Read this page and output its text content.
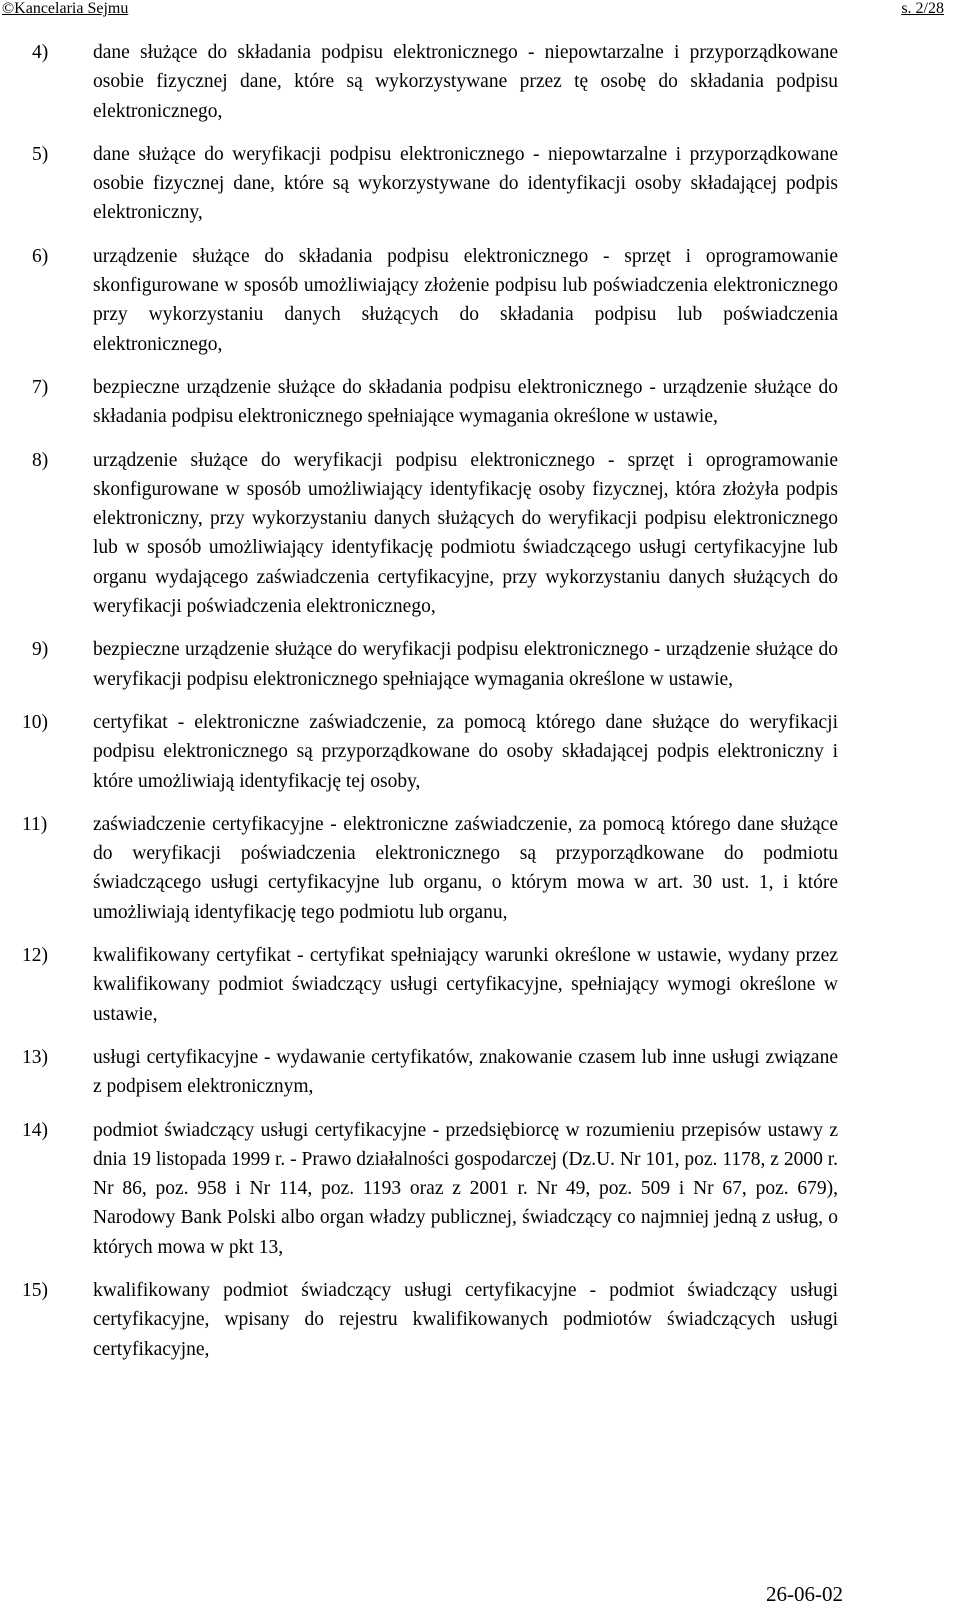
©Kancelaria Sejmu	s. 2/28
4) dane służące do składania podpisu elektronicznego - niepowtarzalne i przyporządkowane osobie fizycznej dane, które są wykorzystywane przez tę osobę do składania podpisu elektronicznego,
5) dane służące do weryfikacji podpisu elektronicznego - niepowtarzalne i przyporządkowane osobie fizycznej dane, które są wykorzystywane do identyfikacji osoby składającej podpis elektroniczny,
6) urządzenie służące do składania podpisu elektronicznego - sprzęt i oprogramowanie skonfigurowane w sposób umożliwiający złożenie podpisu lub poświadczenia elektronicznego przy wykorzystaniu danych służących do składania podpisu lub poświadczenia elektronicznego,
7) bezpieczne urządzenie służące do składania podpisu elektronicznego - urządzenie służące do składania podpisu elektronicznego spełniające wymagania określone w ustawie,
8) urządzenie służące do weryfikacji podpisu elektronicznego - sprzęt i oprogramowanie skonfigurowane w sposób umożliwiający identyfikację osoby fizycznej, która złożyła podpis elektroniczny, przy wykorzystaniu danych służących do weryfikacji podpisu elektronicznego lub w sposób umożliwiający identyfikację podmiotu świadczącego usługi certyfikacyjne lub organu wydającego zaświadczenia certyfikacyjne, przy wykorzystaniu danych służących do weryfikacji poświadczenia elektronicznego,
9) bezpieczne urządzenie służące do weryfikacji podpisu elektronicznego - urządzenie służące do weryfikacji podpisu elektronicznego spełniające wymagania określone w ustawie,
10) certyfikat - elektroniczne zaświadczenie, za pomocą którego dane służące do weryfikacji podpisu elektronicznego są przyporządkowane do osoby składającej podpis elektroniczny i które umożliwiają identyfikację tej osoby,
11) zaświadczenie certyfikacyjne - elektroniczne zaświadczenie, za pomocą którego dane służące do weryfikacji poświadczenia elektronicznego są przyporządkowane do podmiotu świadczącego usługi certyfikacyjne lub organu, o którym mowa w art. 30 ust. 1, i które umożliwiają identyfikację tego podmiotu lub organu,
12) kwalifikowany certyfikat - certyfikat spełniający warunki określone w ustawie, wydany przez kwalifikowany podmiot świadczący usługi certyfikacyjne, spełniający wymogi określone w ustawie,
13) usługi certyfikacyjne - wydawanie certyfikatów, znakowanie czasem lub inne usługi związane z podpisem elektronicznym,
14) podmiot świadczący usługi certyfikacyjne - przedsiębiorcę w rozumieniu przepisów ustawy z dnia 19 listopada 1999 r. - Prawo działalności gospodarczej (Dz.U. Nr 101, poz. 1178, z 2000 r. Nr 86, poz. 958 i Nr 114, poz. 1193 oraz z 2001 r. Nr 49, poz. 509 i Nr 67, poz. 679), Narodowy Bank Polski albo organ władzy publicznej, świadczący co najmniej jedną z usług, o których mowa w pkt 13,
15) kwalifikowany podmiot świadczący usługi certyfikacyjne - podmiot świadczący usługi certyfikacyjne, wpisany do rejestru kwalifikowanych podmiotów świadczących usługi certyfikacyjne,
26-06-02
